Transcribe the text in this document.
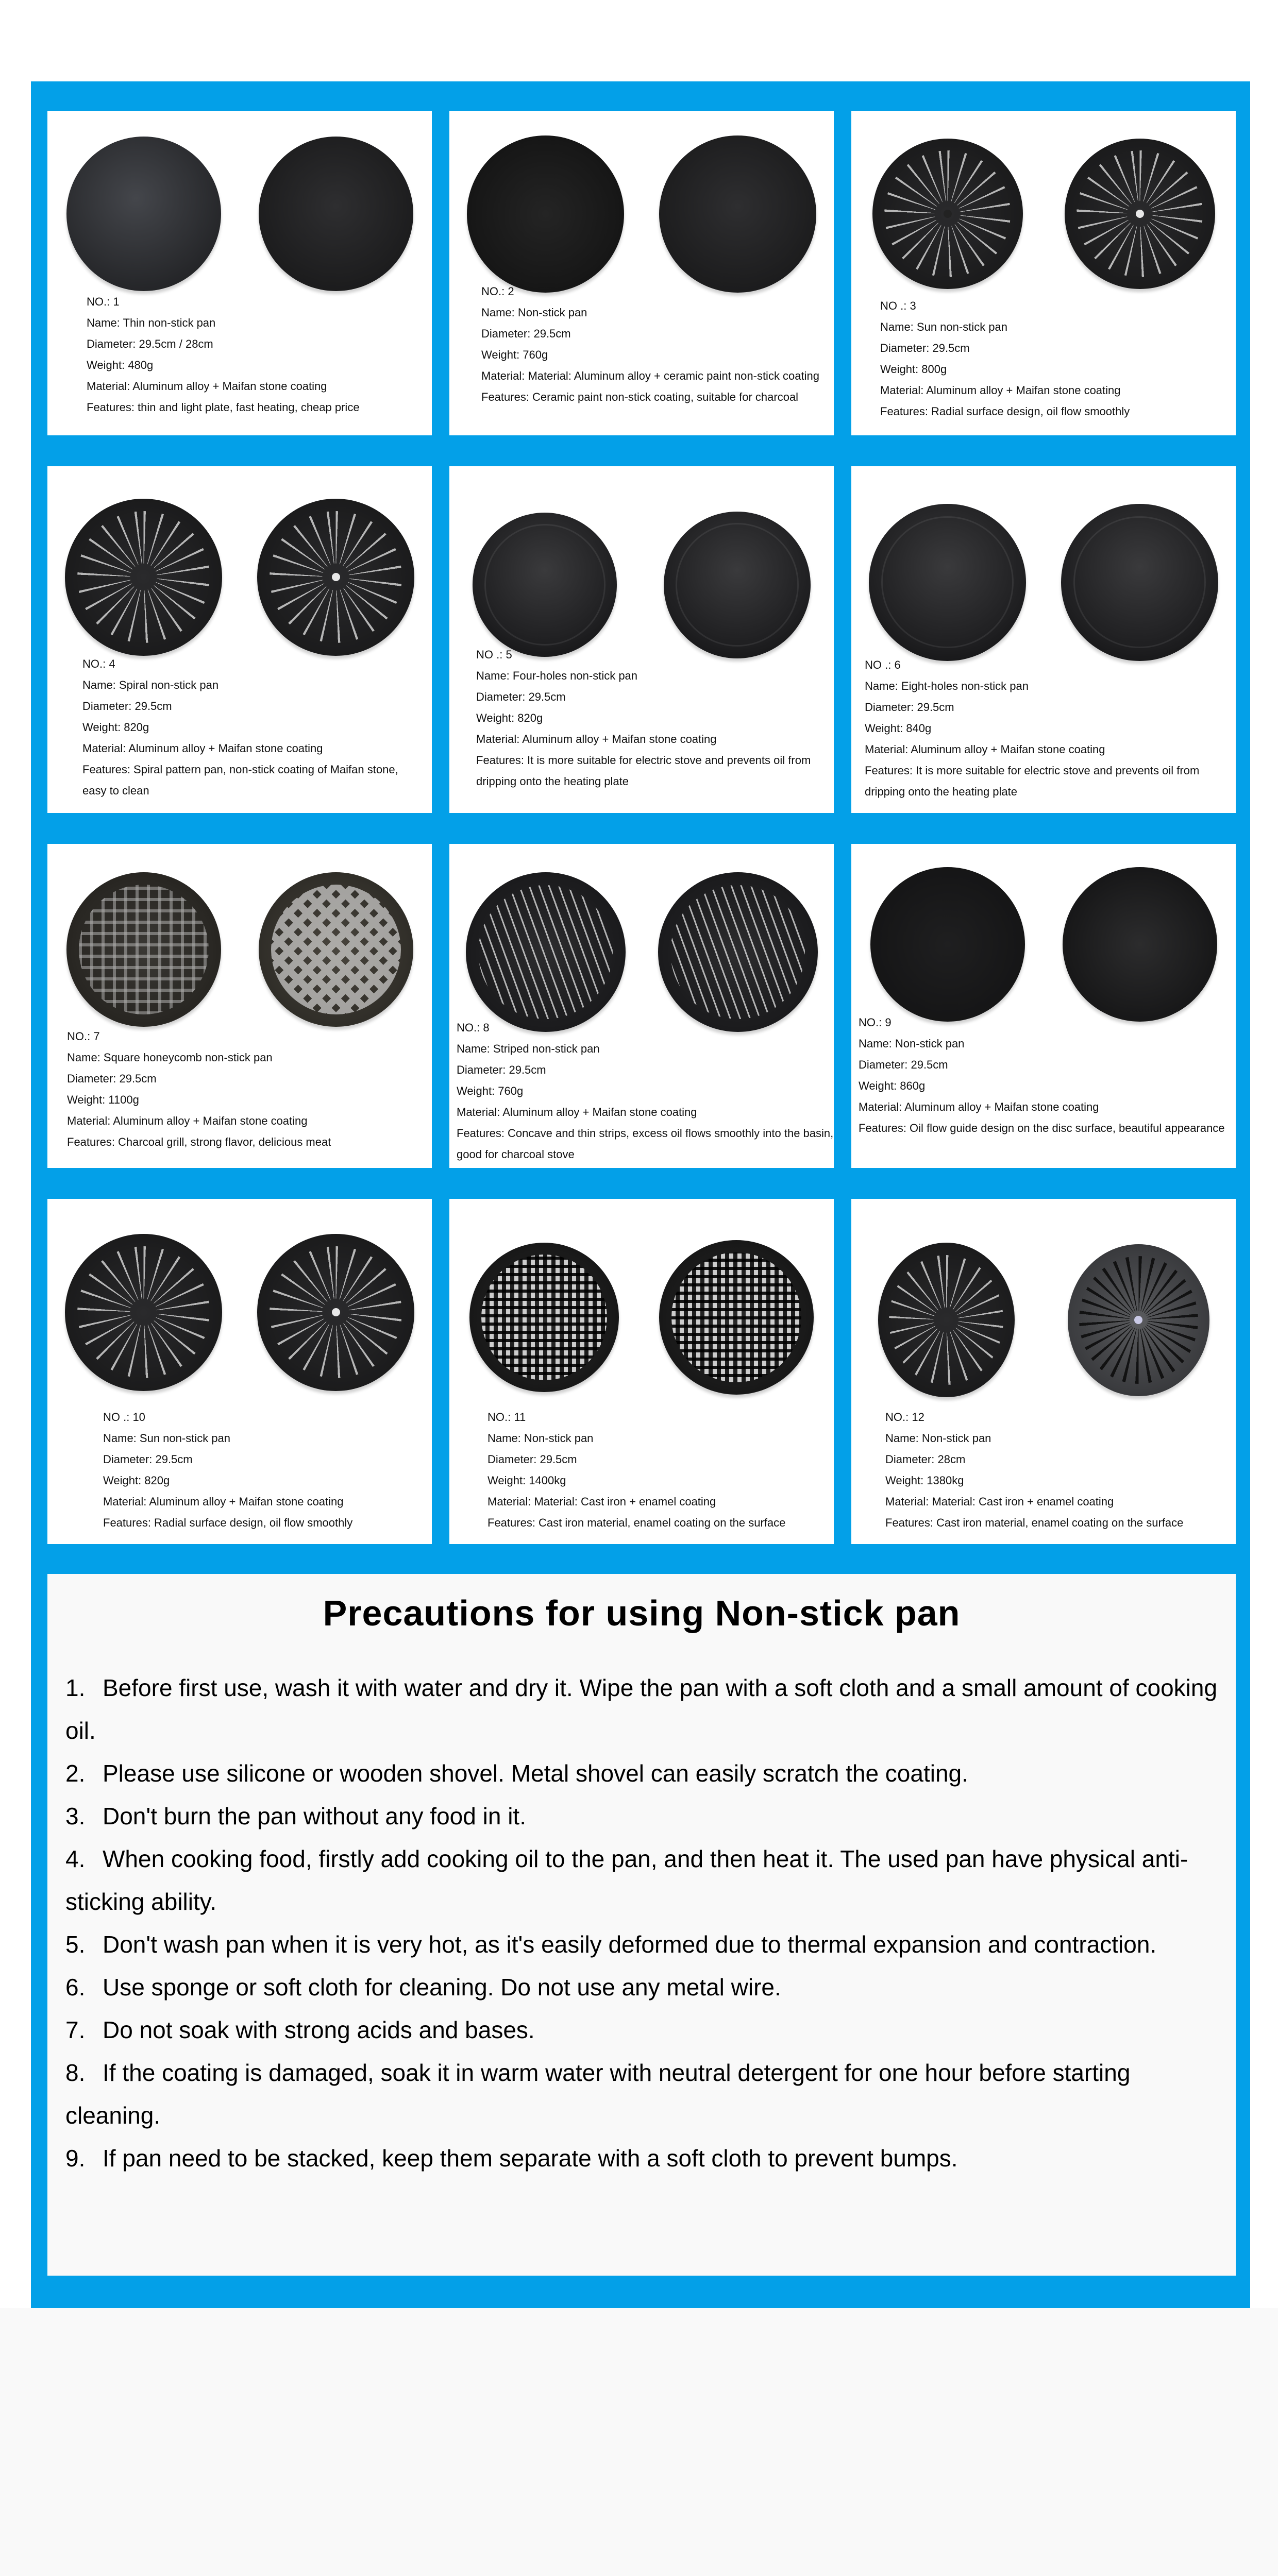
NO.: 1
Name: Thin non-stick pan
Diameter: 29.5cm / 28cm
Weight: 480g
Material: Aluminum alloy + Maifan stone coating
Features: thin and light plate, fast heating, cheap price
NO.: 2
Name: Non-stick pan
Diameter: 29.5cm
Weight: 760g
Material: Material: Aluminum alloy + ceramic paint non-stick coating
Features: Ceramic paint non-stick coating, suitable for charcoal
NO .: 3
Name: Sun non-stick pan
Diameter: 29.5cm
Weight: 800g
Material: Aluminum alloy + Maifan stone coating
Features: Radial surface design, oil flow smoothly
NO.: 4
Name: Spiral non-stick pan
Diameter: 29.5cm
Weight: 820g
Material: Aluminum alloy + Maifan stone coating
Features: Spiral pattern pan, non-stick coating of Maifan stone, easy to clean
NO .: 5
Name: Four-holes non-stick pan
Diameter: 29.5cm
Weight: 820g
Material: Aluminum alloy + Maifan stone coating
Features: It is more suitable for electric stove and prevents oil from dripping onto the heating plate
NO .: 6
Name: Eight-holes non-stick pan
Diameter: 29.5cm
Weight: 840g
Material: Aluminum alloy + Maifan stone coating
Features: It is more suitable for electric stove and prevents oil from dripping onto the heating plate
NO.: 7
Name: Square honeycomb non-stick pan
Diameter: 29.5cm
Weight: 1100g
Material: Aluminum alloy + Maifan stone coating
Features: Charcoal grill, strong flavor, delicious meat
NO.: 8
Name: Striped non-stick pan
Diameter: 29.5cm
Weight: 760g
Material: Aluminum alloy + Maifan stone coating
Features: Concave and thin strips, excess oil flows smoothly into the basin, good for charcoal stove
NO.: 9
Name: Non-stick pan
Diameter: 29.5cm
Weight: 860g
Material: Aluminum alloy + Maifan stone coating
Features: Oil flow guide design on the disc surface, beautiful appearance
NO .: 10
Name: Sun non-stick pan
Diameter: 29.5cm
Weight: 820g
Material: Aluminum alloy + Maifan stone coating
Features: Radial surface design, oil flow smoothly
NO.: 11
Name: Non-stick pan
Diameter: 29.5cm
Weight: 1400kg
Material: Material: Cast iron + enamel coating
Features: Cast iron material, enamel coating on the surface
NO.: 12
Name: Non-stick pan
Diameter: 28cm
Weight: 1380kg
Material: Material: Cast iron + enamel coating
Features: Cast iron material, enamel coating on the surface
Precautions for using Non-stick pan
1. Before first use, wash it with water and dry it. Wipe the pan with a soft cloth and a small amount of cooking oil.
2. Please use silicone or wooden shovel. Metal shovel can easily scratch the coating.
3. Don't burn the pan without any food in it.
4. When cooking food, firstly add cooking oil to the pan, and then heat it. The used pan have physical anti-sticking ability.
5. Don't wash pan when it is very hot, as it's easily deformed due to thermal expansion and contraction.
6. Use sponge or soft cloth for cleaning. Do not use any metal wire.
7. Do not soak with strong acids and bases.
8. If the coating is damaged, soak it in warm water with neutral detergent for one hour before starting cleaning.
9. If pan need to be stacked, keep them separate with a soft cloth to prevent bumps.
